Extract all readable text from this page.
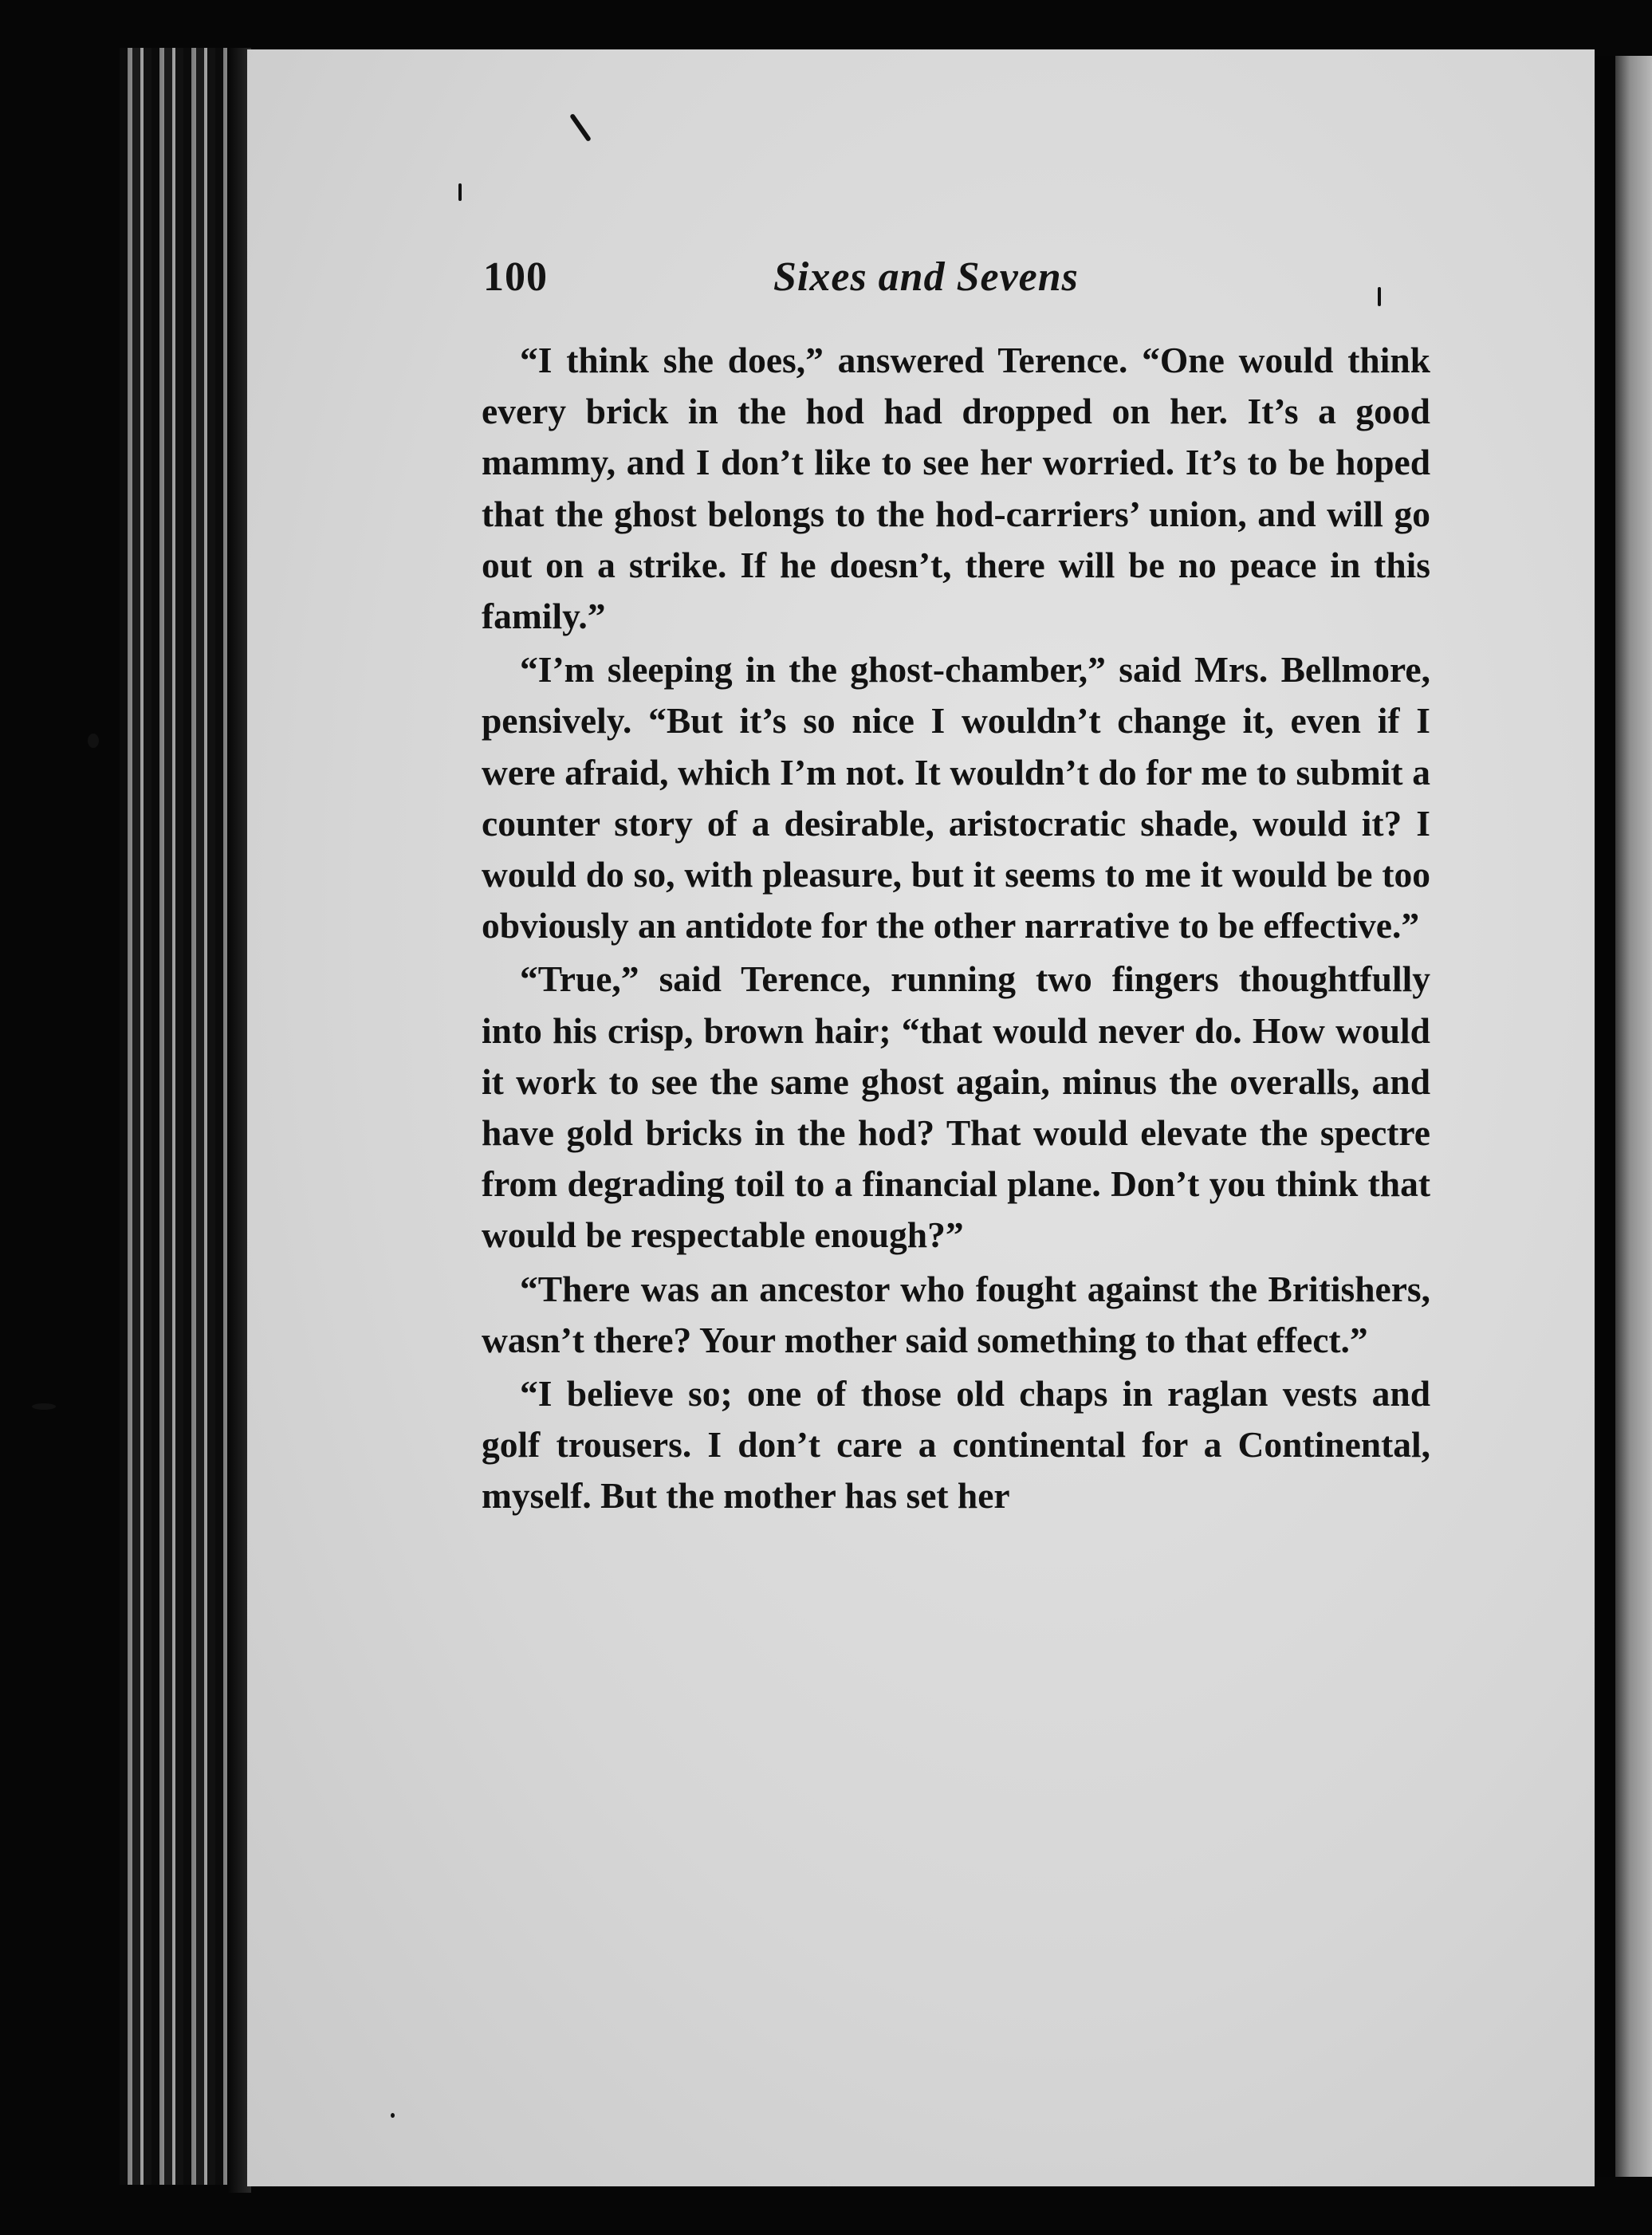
100	Sixes and Sevens

“I think she does,” answered Terence. “One would think every brick in the hod had dropped on her. It’s a good mammy, and I don’t like to see her worried. It’s to be hoped that the ghost belongs to the hod-carriers’ union, and will go out on a strike. If he doesn’t, there will be no peace in this family.”

“I’m sleeping in the ghost-chamber,” said Mrs. Bellmore, pensively. “But it’s so nice I wouldn’t change it, even if I were afraid, which I’m not. It wouldn’t do for me to submit a counter story of a desirable, aristocratic shade, would it? I would do so, with pleasure, but it seems to me it would be too obviously an antidote for the other narrative to be effective.”

“True,” said Terence, running two fingers thoughtfully into his crisp, brown hair; “that would never do. How would it work to see the same ghost again, minus the overalls, and have gold bricks in the hod? That would elevate the spectre from degrading toil to a financial plane. Don’t you think that would be respectable enough?”

“There was an ancestor who fought against the Britishers, wasn’t there? Your mother said something to that effect.”

“I believe so; one of those old chaps in raglan vests and golf trousers. I don’t care a continental for a Continental, myself. But the mother has set her
